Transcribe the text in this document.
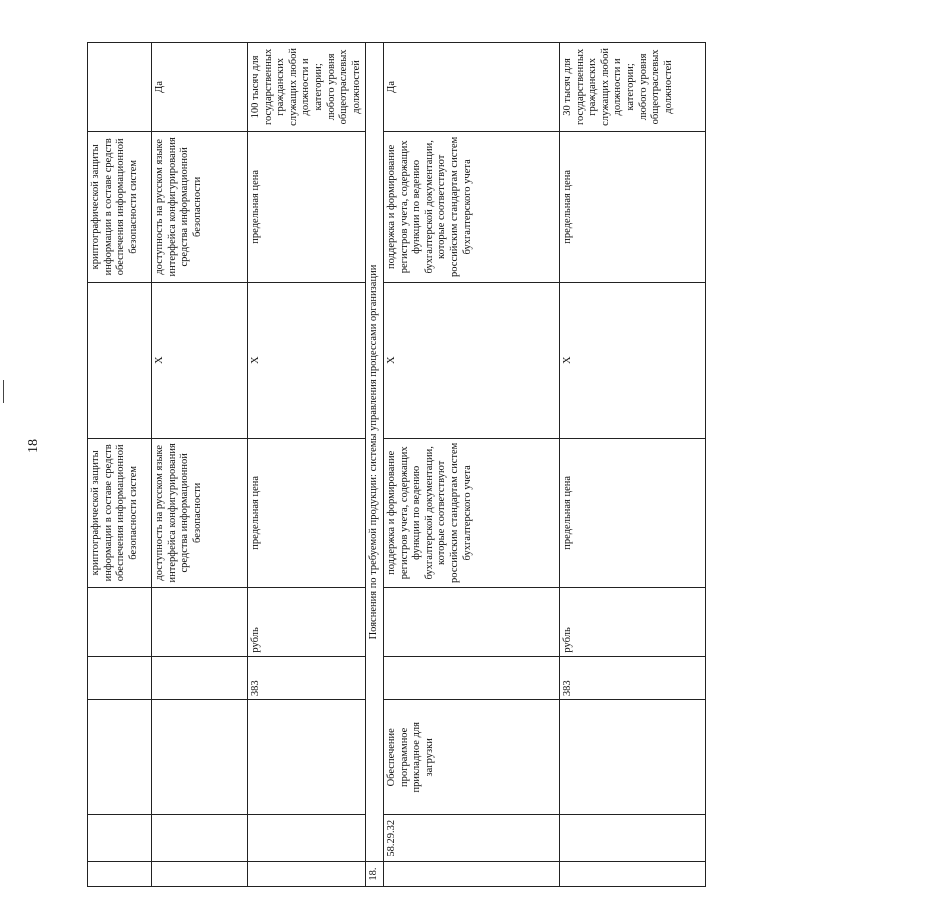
18
					криптографической защиты информации в составе средств обеспечения информационной безопасности систем		криптографической защиты информации в составе средств обеспечения информационной безопасности систем	
					доступность на русском языке интерфейса конфигурирования средства информационной безопасности	X	доступность на русском языке интерфейса конфигурирования средства информационной безопасности	Да
			383	рубль	предельная цена	X	предельная цена	100 тысяч для государственных гражданских служащих любой должности и категории; любого уровня общеотраслевых должностей
18.	Пояснения по требуемой продукции: системы управления процессами организации							
	58.29.32	Обеспечение программное прикладное для загрузки			поддержка и формирование регистров учета, содержащих функции по ведению бухгалтерской документации, которые соответствуют российским стандартам систем бухгалтерского учета	X	поддержка и формирование регистров учета, содержащих функции по ведению бухгалтерской документации, которые соответствуют российским стандартам систем бухгалтерского учета	Да
			383	рубль	предельная цена	X	предельная цена	30 тысяч для государственных гражданских служащих любой должности и категории; любого уровня общеотраслевых должностей
